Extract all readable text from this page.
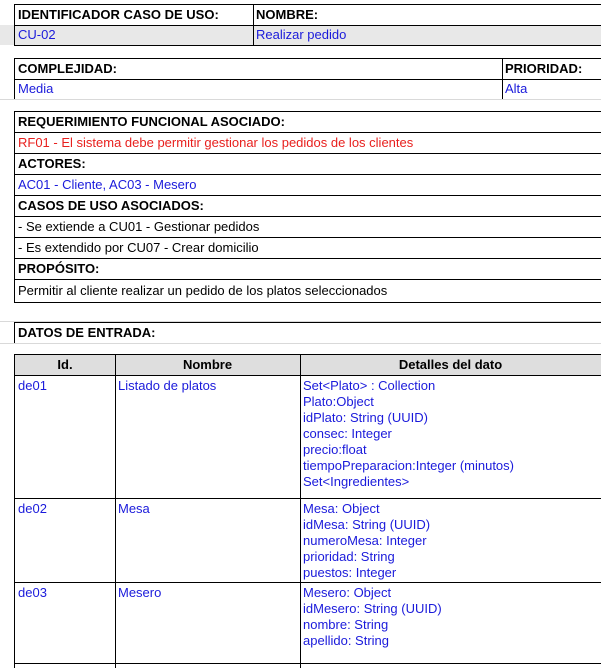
IDENTIFICADOR CASO DE USO:	NOMBRE:
CU-02	Realizar pedido
COMPLEJIDAD:	PRIORIDAD:
Media	Alta
REQUERIMIENTO FUNCIONAL ASOCIADO:
RF01 - El sistema debe permitir gestionar los pedidos de los clientes
ACTORES:
AC01 - Cliente, AC03 - Mesero
CASOS DE USO ASOCIADOS:
- Se extiende a CU01 - Gestionar pedidos
- Es extendido por CU07 - Crear domicilio
PROPÓSITO:
Permitir al cliente realizar un pedido de los platos seleccionados
DATOS DE ENTRADA:
Id.	Nombre	Detalles del dato
de01	Listado de platos	Set<Plato> : Collection
Plato:Object
idPlato: String (UUID)
consec: Integer
precio:float
tiempoPreparacion:Integer (minutos)
Set<Ingredientes>
de02	Mesa	Mesa: Object
idMesa: String (UUID)
numeroMesa: Integer
prioridad: String
puestos: Integer
de03	Mesero	Mesero: Object
idMesero: String (UUID)
nombre: String
apellido: String
